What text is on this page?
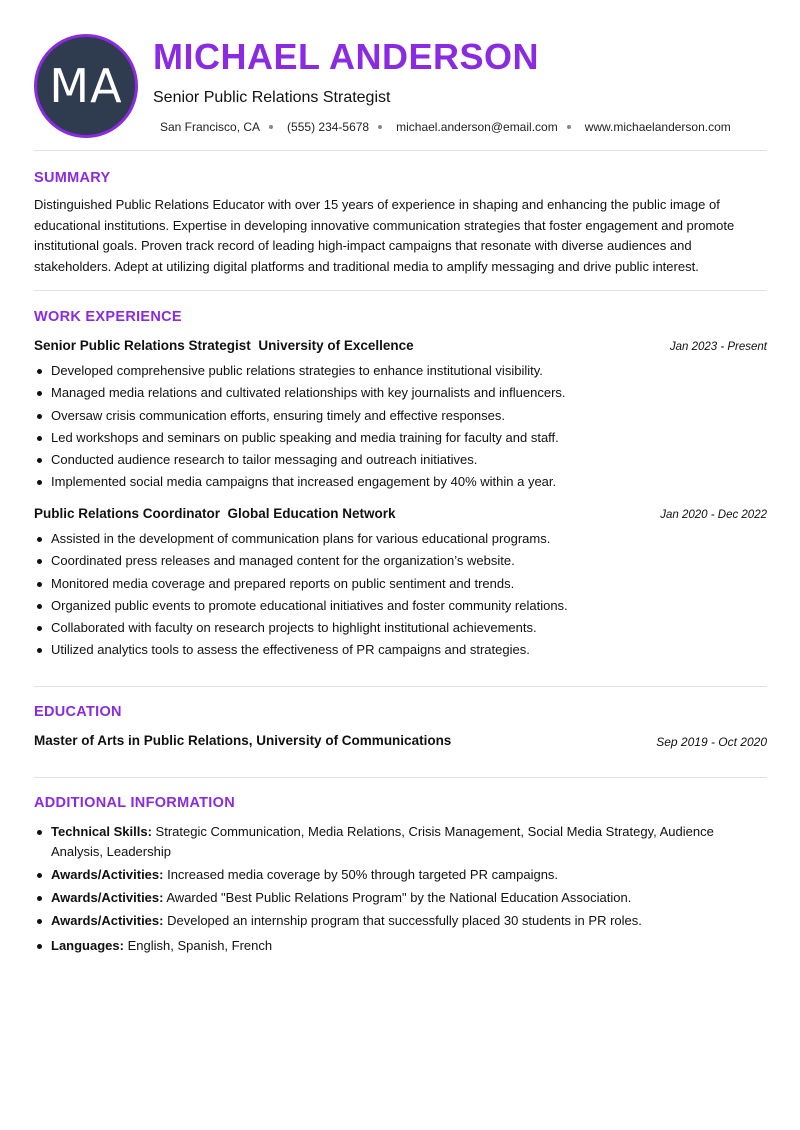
MA
MICHAEL ANDERSON
Senior Public Relations Strategist
San Francisco, CA (555) 234-5678 michael.anderson@email.com www.michaelanderson.com
SUMMARY
Distinguished Public Relations Educator with over 15 years of experience in shaping and enhancing the public image of educational institutions. Expertise in developing innovative communication strategies that foster engagement and promote institutional goals. Proven track record of leading high-impact campaigns that resonate with diverse audiences and stakeholders. Adept at utilizing digital platforms and traditional media to amplify messaging and drive public interest.
WORK EXPERIENCE
Senior Public Relations Strategist University of Excellence	Jan 2023 - Present
Developed comprehensive public relations strategies to enhance institutional visibility.
Managed media relations and cultivated relationships with key journalists and influencers.
Oversaw crisis communication efforts, ensuring timely and effective responses.
Led workshops and seminars on public speaking and media training for faculty and staff.
Conducted audience research to tailor messaging and outreach initiatives.
Implemented social media campaigns that increased engagement by 40% within a year.
Public Relations Coordinator Global Education Network	Jan 2020 - Dec 2022
Assisted in the development of communication plans for various educational programs.
Coordinated press releases and managed content for the organization’s website.
Monitored media coverage and prepared reports on public sentiment and trends.
Organized public events to promote educational initiatives and foster community relations.
Collaborated with faculty on research projects to highlight institutional achievements.
Utilized analytics tools to assess the effectiveness of PR campaigns and strategies.
EDUCATION
Master of Arts in Public Relations, University of Communications	Sep 2019 - Oct 2020
ADDITIONAL INFORMATION
Technical Skills: Strategic Communication, Media Relations, Crisis Management, Social Media Strategy, Audience Analysis, Leadership
Awards/Activities: Increased media coverage by 50% through targeted PR campaigns.
Awards/Activities: Awarded "Best Public Relations Program" by the National Education Association.
Awards/Activities: Developed an internship program that successfully placed 30 students in PR roles.
Languages: English, Spanish, French
